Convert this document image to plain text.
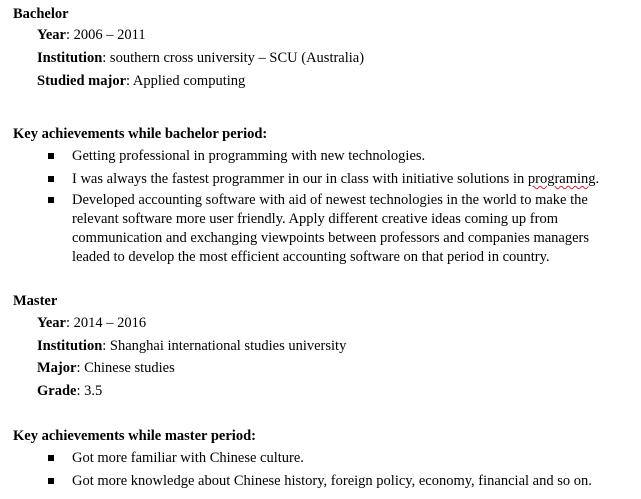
Bachelor
Year: 2006 – 2011
Institution: southern cross university – SCU (Australia)
Studied major: Applied computing
Key achievements while bachelor period:
Getting professional in programming with new technologies.
I was always the fastest programmer in our in class with initiative solutions in programing.
Developed accounting software with aid of newest technologies in the world to make the
relevant software more user friendly. Apply different creative ideas coming up from
communication and exchanging viewpoints between professors and companies managers
leaded to develop the most efficient accounting software on that period in country.
Master
Year: 2014 – 2016
Institution: Shanghai international studies university
Major: Chinese studies
Grade: 3.5
Key achievements while master period:
Got more familiar with Chinese culture.
Got more knowledge about Chinese history, foreign policy, economy, financial and so on.
